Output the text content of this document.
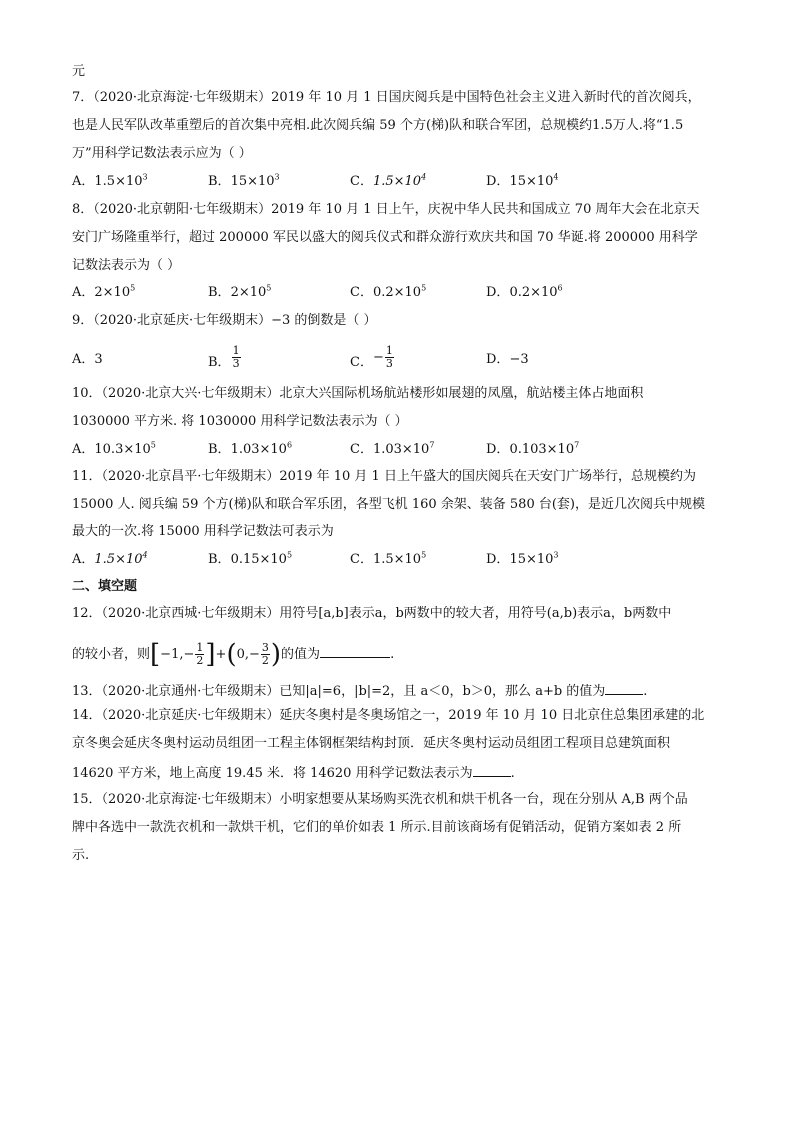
元
7．（2020·北京海淀·七年级期末）2019 年 10 月 1 日国庆阅兵是中国特色社会主义进入新时代的首次阅兵，
也是人民军队改革重塑后的首次集中亮相.此次阅兵编 59 个方(梯)队和联合军团，总规模约1.5万人.将“1.5
万”用科学记数法表示应为（ ）
A．$1.5\times 10^3$	B．$15\times 10^3$	C．$1.5\times 10^4$	D．$15\times 10^4$
8．（2020·北京朝阳·七年级期末）2019 年 10 月 1 日上午，庆祝中华人民共和国成立 70 周年大会在北京天
安门广场隆重举行，超过 200000 军民以盛大的阅兵仪式和群众游行欢庆共和国 70 华诞.将 200000 用科学
记数法表示为（ ）
A．$2\times 10^5$	B．$2\times 10^5$	C．$0.2\times 10^5$	D．$0.2\times 10^6$
9．（2020·北京延庆·七年级期末）−3 的倒数是（ ）
A．3	B． $\frac{1}{3}$	C．− $\frac{1}{3}$	D．−3
10．（2020·北京大兴·七年级期末）北京大兴国际机场航站楼形如展翅的凤凰，航站楼主体占地面积
1030000 平方米. 将 1030000 用科学记数法表示为（ ）
A．$10.3\times 10^5$	B．$1.03\times 10^6$	C．$1.03\times 10^7$	D．$0.103\times 10^7$
11．（2020·北京昌平·七年级期末）2019 年 10 月 1 日上午盛大的国庆阅兵在天安门广场举行，总规模约为
15000 人. 阅兵编 59 个方(梯)队和联合军乐团，各型飞机 160 余架、装备 580 台(套)，是近几次阅兵中规模
最大的一次.将 15000 用科学记数法可表示为
A．$1.5\times 10^4$	B．$0.15\times 10^5$	C．$1.5\times 10^5$	D．$15\times 10^3$
二、填空题
12．（2020·北京西城·七年级期末）用符号[a,b]表示a，b两数中的较大者，用符号(a,b)表示a，b两数中
的较小者，则$[-1,- \frac{1}{2} ]+(0,- \frac{3}{2}$ )的值为	.
13．（2020·北京通州·七年级期末）已知|a|=6，|b|=2，且 a＜0，b＞0，那么 a+b 的值为	.
14．（2020·北京延庆·七年级期末）延庆冬奥村是冬奥场馆之一，2019 年 10 月 10 日北京住总集团承建的北
京冬奥会延庆冬奥村运动员组团一工程主体钢框架结构封顶．延庆冬奥村运动员组团工程项目总建筑面积
14620 平方米，地上高度 19.45 米．将 14620 用科学记数法表示为	.
15．（2020·北京海淀·七年级期末）小明家想要从某场购买洗衣机和烘干机各一台，现在分别从 A,B 两个品
牌中各选中一款洗衣机和一款烘干机，它们的单价如表 1 所示.目前该商场有促销活动，促销方案如表 2 所
示.
